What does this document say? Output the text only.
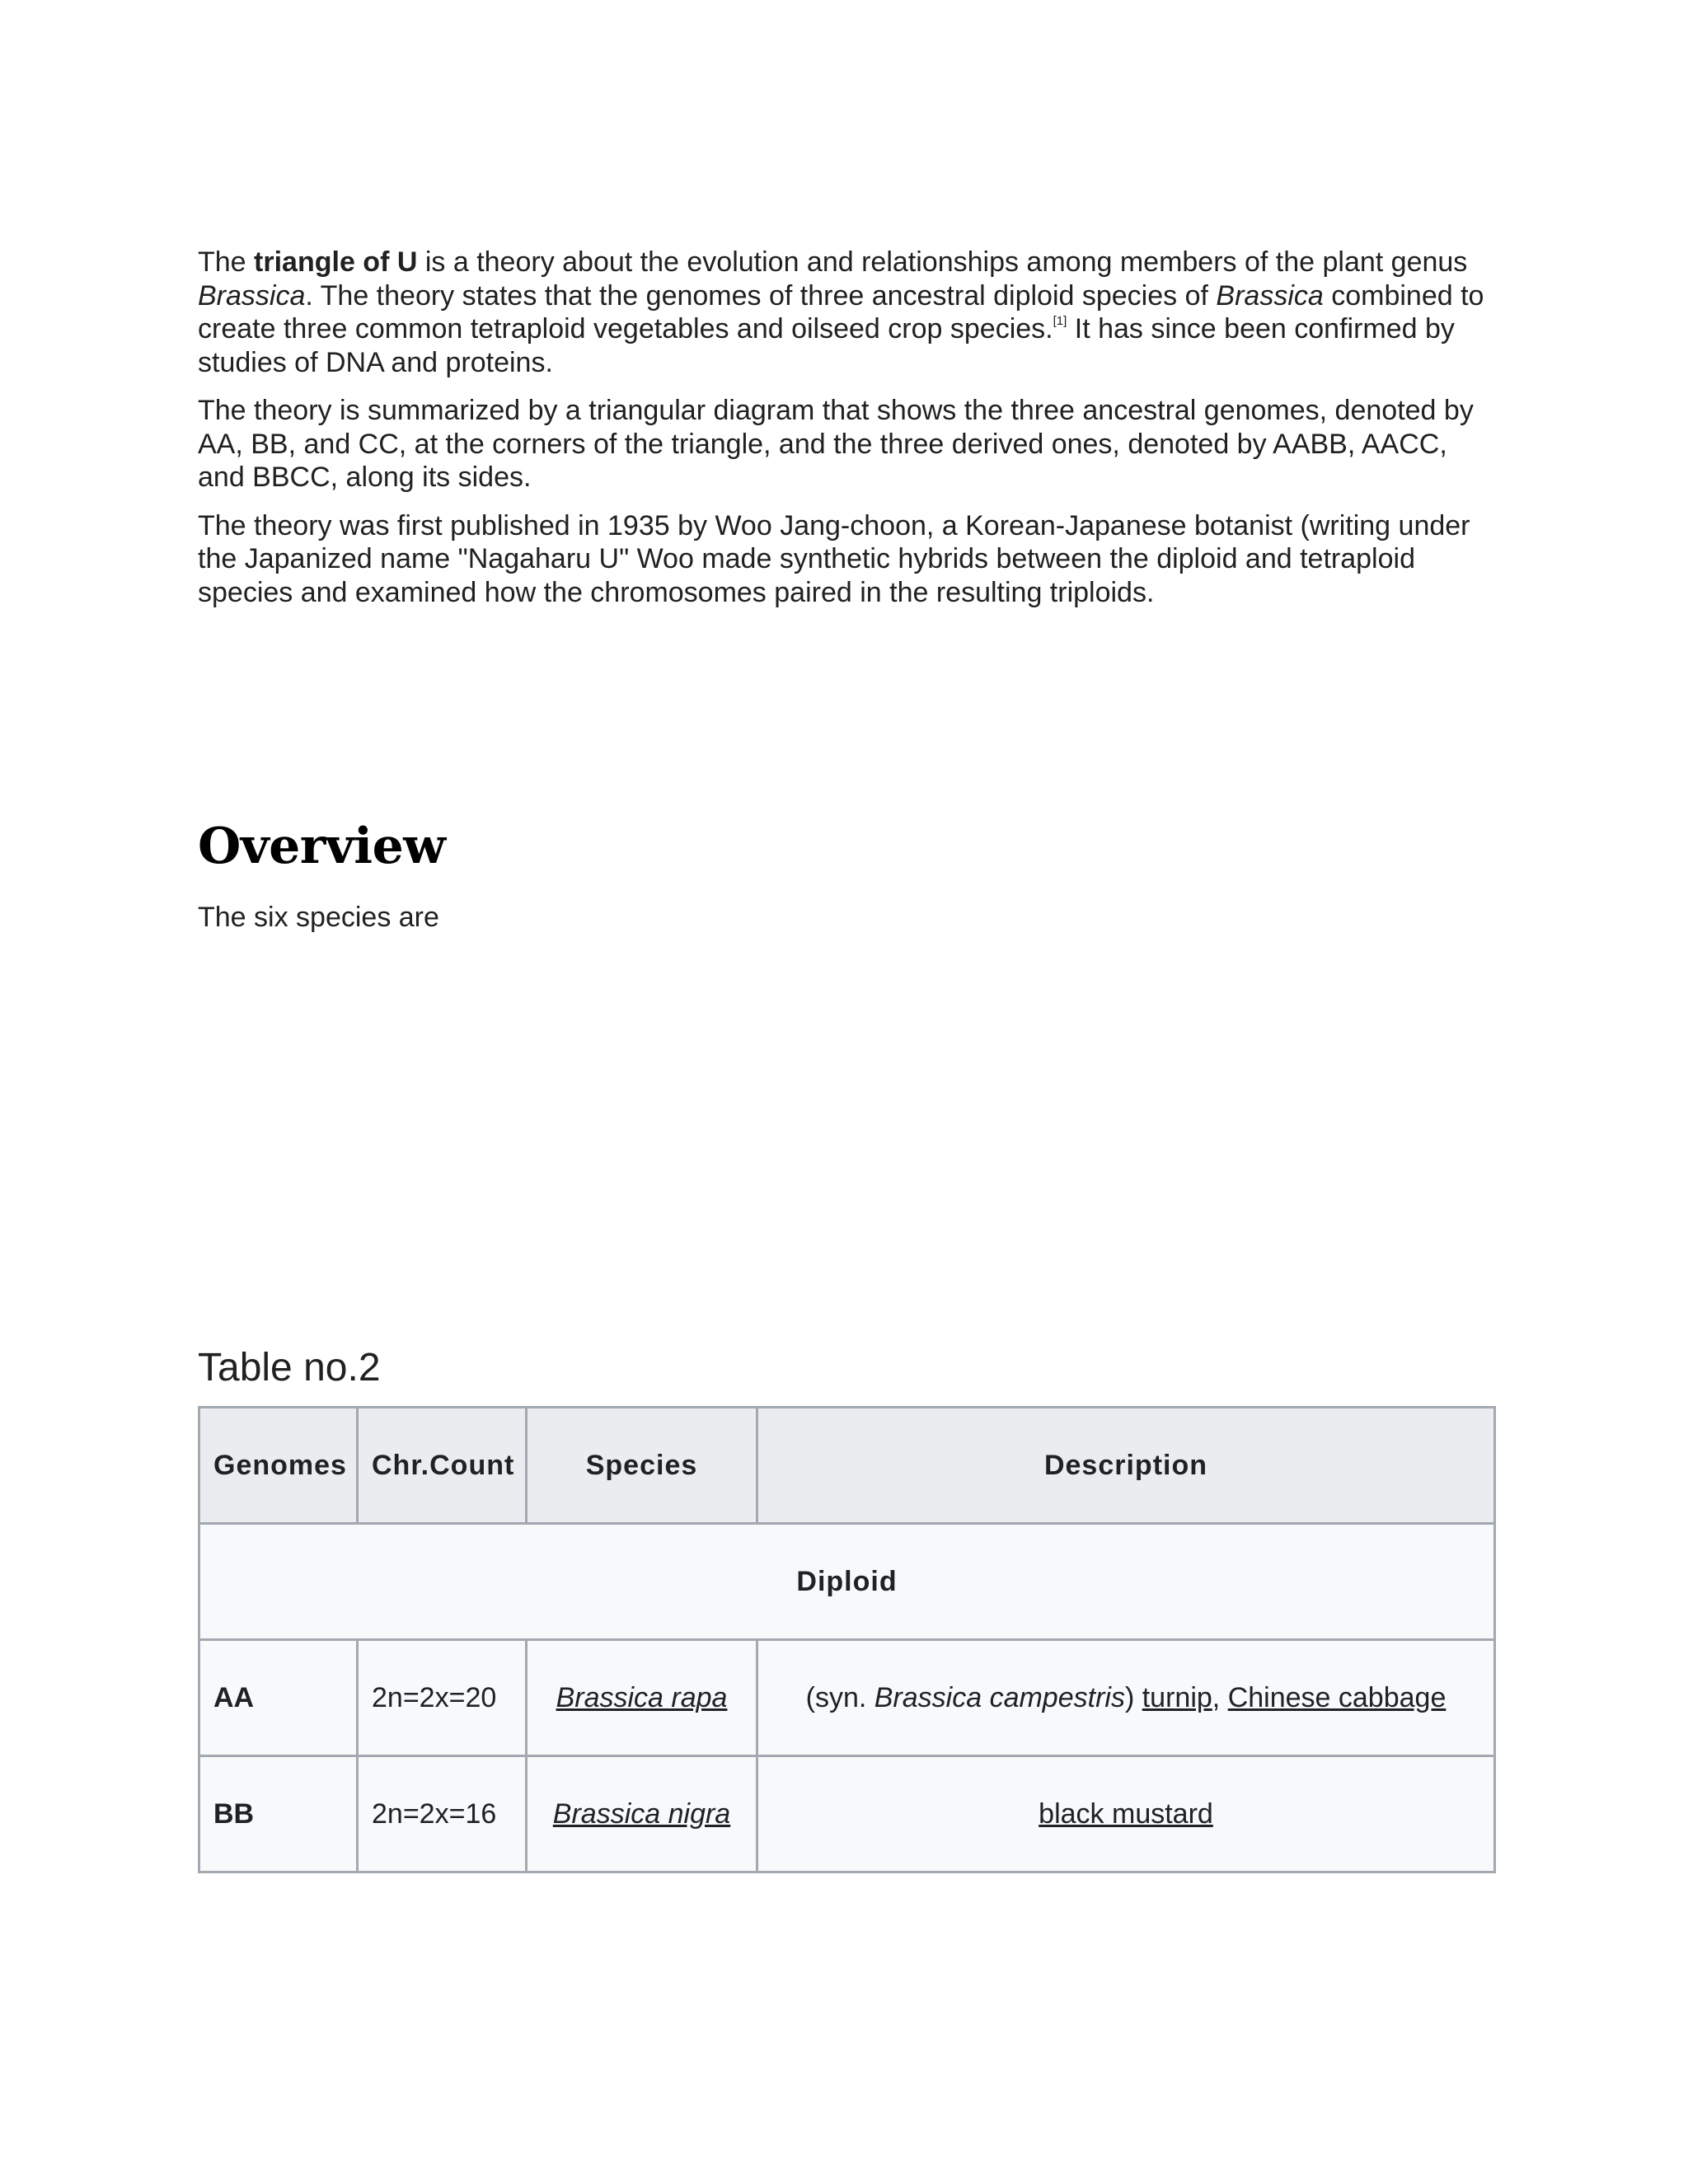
The triangle of U is a theory about the evolution and relationships among members of the plant genus Brassica. The theory states that the genomes of three ancestral diploid species of Brassica combined to create three common tetraploid vegetables and oilseed crop species.[1] It has since been confirmed by studies of DNA and proteins.

The theory is summarized by a triangular diagram that shows the three ancestral genomes, denoted by AA, BB, and CC, at the corners of the triangle, and the three derived ones, denoted by AABB, AACC, and BBCC, along its sides.

The theory was first published in 1935 by Woo Jang-choon, a Korean-Japanese botanist (writing under the Japanized name "Nagaharu U" Woo made synthetic hybrids between the diploid and tetraploid species and examined how the chromosomes paired in the resulting triploids.

Overview

The six species are

Table no.2

Genomes	Chr.Count	Species	Description
Diploid			
AA	2n=2x=20	Brassica rapa	(syn. Brassica campestris) turnip, Chinese cabbage
BB	2n=2x=16	Brassica nigra	black mustard
